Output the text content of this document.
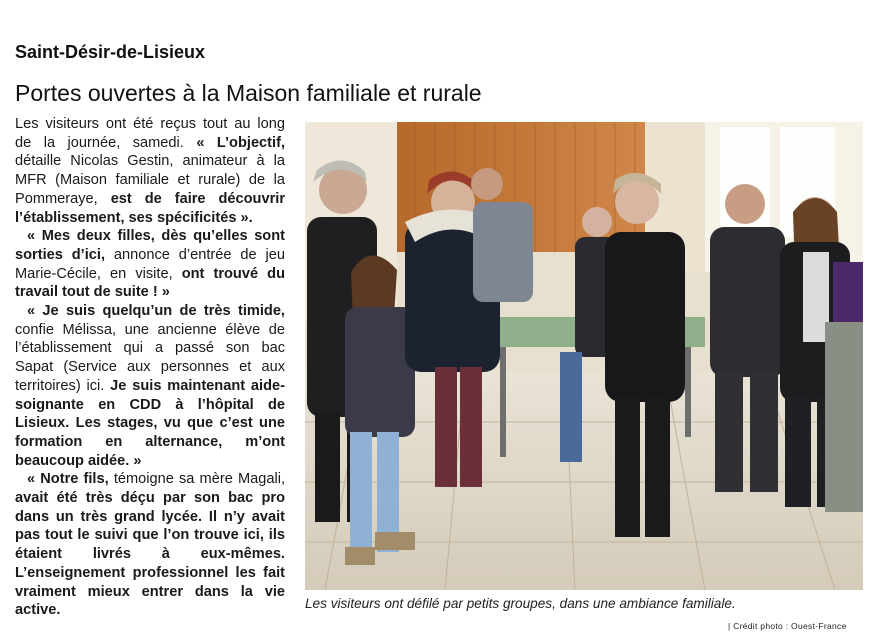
Saint-Désir-de-Lisieux
Portes ouvertes à la Maison familiale et rurale

Les visiteurs ont été reçus tout au long de la journée, samedi. « L’objectif, détaille Nicolas Gestin, animateur à la MFR (Maison familiale et rurale) de la Pommeraye, est de faire découvrir l’établissement, ses spécificités ».

« Mes deux filles, dès qu’elles sont sorties d’ici, annonce d’entrée de jeu Marie-Cécile, en visite, ont trouvé du travail tout de suite ! »

« Je suis quelqu’un de très timide, confie Mélissa, une ancienne élève de l’établissement qui a passé son bac Sapat (Service aux personnes et aux territoires) ici. Je suis maintenant aide-soignante en CDD à l’hôpital de Lisieux. Les stages, vu que c’est une formation en alternance, m’ont beaucoup aidée. »

« Notre fils, témoigne sa mère Magali, avait été très déçu par son bac pro dans un très grand lycée. Il n’y avait pas tout le suivi que l’on trouve ici, ils étaient livrés à eux-mêmes. L’enseignement professionnel les fait vraiment mieux entrer dans la vie active.	Les visiteurs ont défilé par petits groupes, dans une ambiance familiale.
| Crédit photo : Ouest-France
